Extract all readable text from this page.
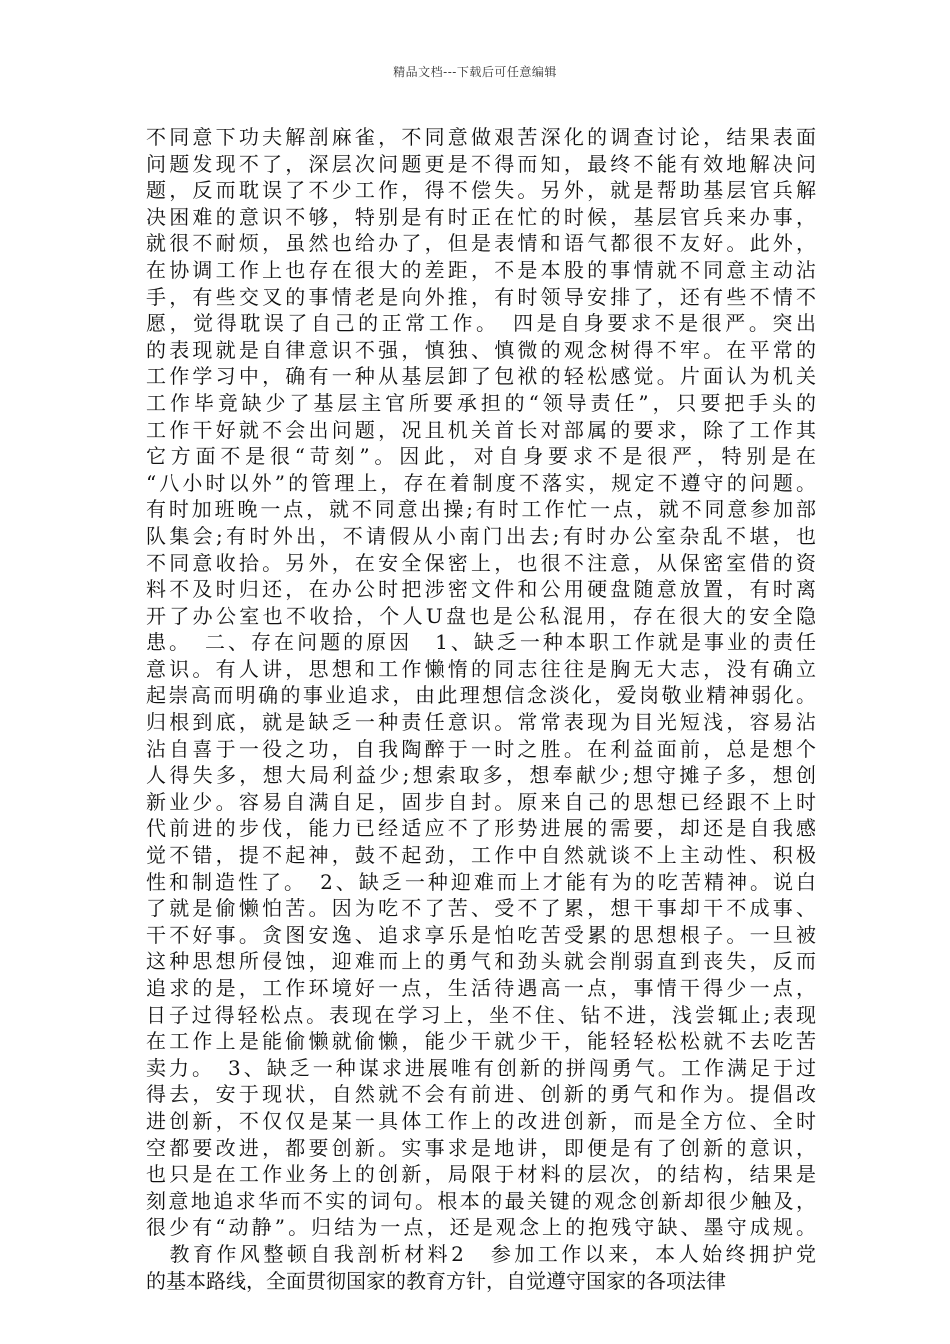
精品文档---下载后可任意编辑
不同意下功夫解剖麻雀，不同意做艰苦深化的调查讨论，结果表面
问题发现不了，深层次问题更是不得而知，最终不能有效地解决问
题，反而耽误了不少工作，得不偿失。另外，就是帮助基层官兵解
决困难的意识不够，特别是有时正在忙的时候，基层官兵来办事，
就很不耐烦，虽然也给办了，但是表情和语气都很不友好。此外，
在协调工作上也存在很大的差距，不是本股的事情就不同意主动沾
手，有些交叉的事情老是向外推，有时领导安排了，还有些不情不
愿，觉得耽误了自己的正常工作。　四是自身要求不是很严。突出
的表现就是自律意识不强，慎独、慎微的观念树得不牢。在平常的
工作学习中，确有一种从基层卸了包袱的轻松感觉。片面认为机关
工作毕竟缺少了基层主官所要承担的“领导责任”，只要把手头的
工作干好就不会出问题，况且机关首长对部属的要求，除了工作其
它方面不是很“苛刻”。因此，对自身要求不是很严，特别是在
“八小时以外”的管理上，存在着制度不落实，规定不遵守的问题。
有时加班晚一点，就不同意出操;有时工作忙一点，就不同意参加部
队集会;有时外出，不请假从小南门出去;有时办公室杂乱不堪，也
不同意收拾。另外，在安全保密上，也很不注意，从保密室借的资
料不及时归还，在办公时把涉密文件和公用硬盘随意放置，有时离
开了办公室也不收拾，个人U盘也是公私混用，存在很大的安全隐
患。　二、存在问题的原因　1、缺乏一种本职工作就是事业的责任
意识。有人讲，思想和工作懒惰的同志往往是胸无大志，没有确立
起崇高而明确的事业追求，由此理想信念淡化，爱岗敬业精神弱化。
归根到底，就是缺乏一种责任意识。常常表现为目光短浅，容易沾
沾自喜于一役之功，自我陶醉于一时之胜。在利益面前，总是想个
人得失多，想大局利益少;想索取多，想奉献少;想守摊子多，想创
新业少。容易自满自足，固步自封。原来自己的思想已经跟不上时
代前进的步伐，能力已经适应不了形势进展的需要，却还是自我感
觉不错，提不起神，鼓不起劲，工作中自然就谈不上主动性、积极
性和制造性了。　2、缺乏一种迎难而上才能有为的吃苦精神。说白
了就是偷懒怕苦。因为吃不了苦、受不了累，想干事却干不成事、
干不好事。贪图安逸、追求享乐是怕吃苦受累的思想根子。一旦被
这种思想所侵蚀，迎难而上的勇气和劲头就会削弱直到丧失，反而
追求的是，工作环境好一点，生活待遇高一点，事情干得少一点，
日子过得轻松点。表现在学习上，坐不住、钻不进，浅尝辄止;表现
在工作上是能偷懒就偷懒，能少干就少干，能轻轻松松就不去吃苦
卖力。　3、缺乏一种谋求进展唯有创新的拼闯勇气。工作满足于过
得去，安于现状，自然就不会有前进、创新的勇气和作为。提倡改
进创新，不仅仅是某一具体工作上的改进创新，而是全方位、全时
空都要改进，都要创新。实事求是地讲，即便是有了创新的意识，
也只是在工作业务上的创新，局限于材料的层次，的结构，结果是
刻意地追求华而不实的词句。根本的最关键的观念创新却很少触及，
很少有“动静”。归结为一点，还是观念上的抱残守缺、墨守成规。
　教育作风整顿自我剖析材料2　参加工作以来，本人始终拥护党
的基本路线，全面贯彻国家的教育方针，自觉遵守国家的各项法律
